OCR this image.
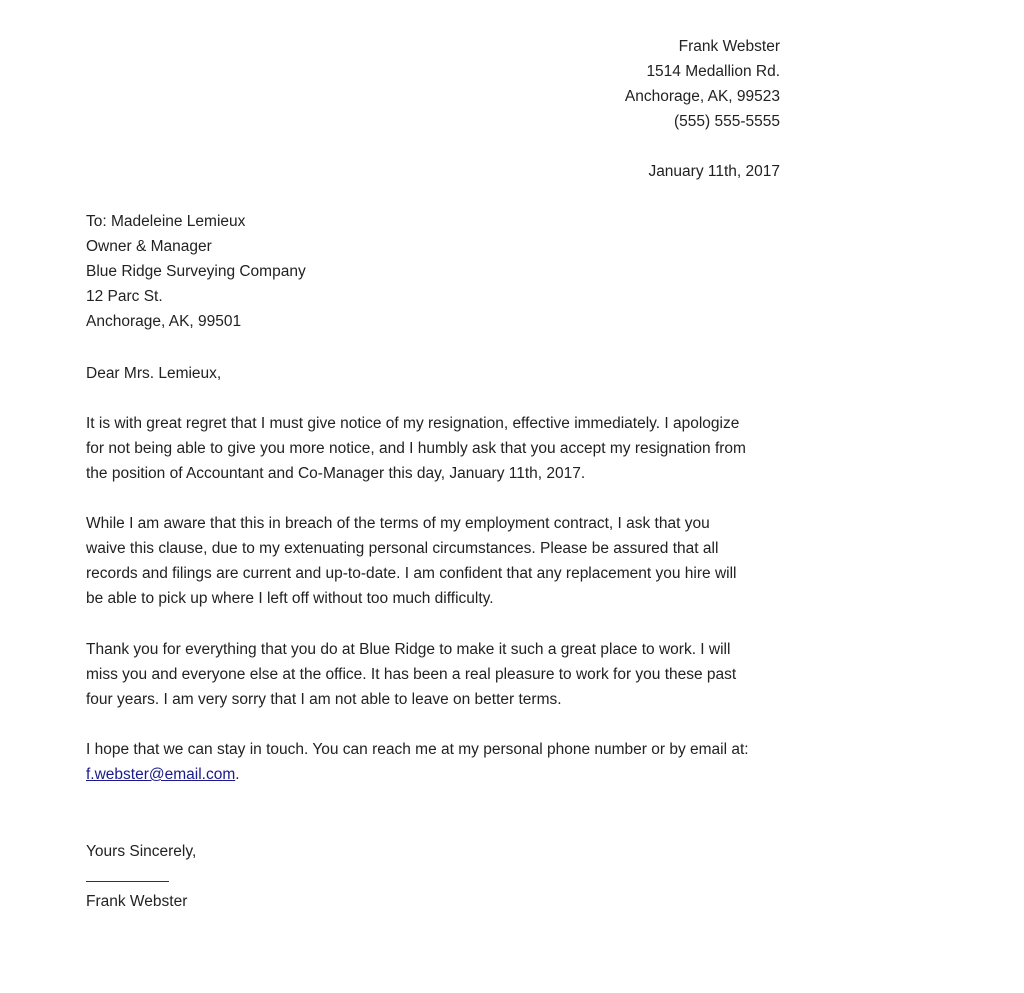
Frank Webster
1514 Medallion Rd.
Anchorage, AK, 99523
(555) 555-5555
January 11th, 2017
To: Madeleine Lemieux
Owner & Manager
Blue Ridge Surveying Company
12 Parc St.
Anchorage, AK, 99501
Dear Mrs. Lemieux,

It is with great regret that I must give notice of my resignation, effective immediately. I apologize
for not being able to give you more notice, and I humbly ask that you accept my resignation from
the position of Accountant and Co-Manager this day, January 11th, 2017.

While I am aware that this in breach of the terms of my employment contract, I ask that you
waive this clause, due to my extenuating personal circumstances. Please be assured that all
records and filings are current and up-to-date. I am confident that any replacement you hire will
be able to pick up where I left off without too much difficulty.

Thank you for everything that you do at Blue Ridge to make it such a great place to work. I will
miss you and everyone else at the office. It has been a real pleasure to work for you these past
four years. I am very sorry that I am not able to leave on better terms.

I hope that we can stay in touch. You can reach me at my personal phone number or by email at:
f.webster@email.com.

Yours Sincerely,
Frank Webster
